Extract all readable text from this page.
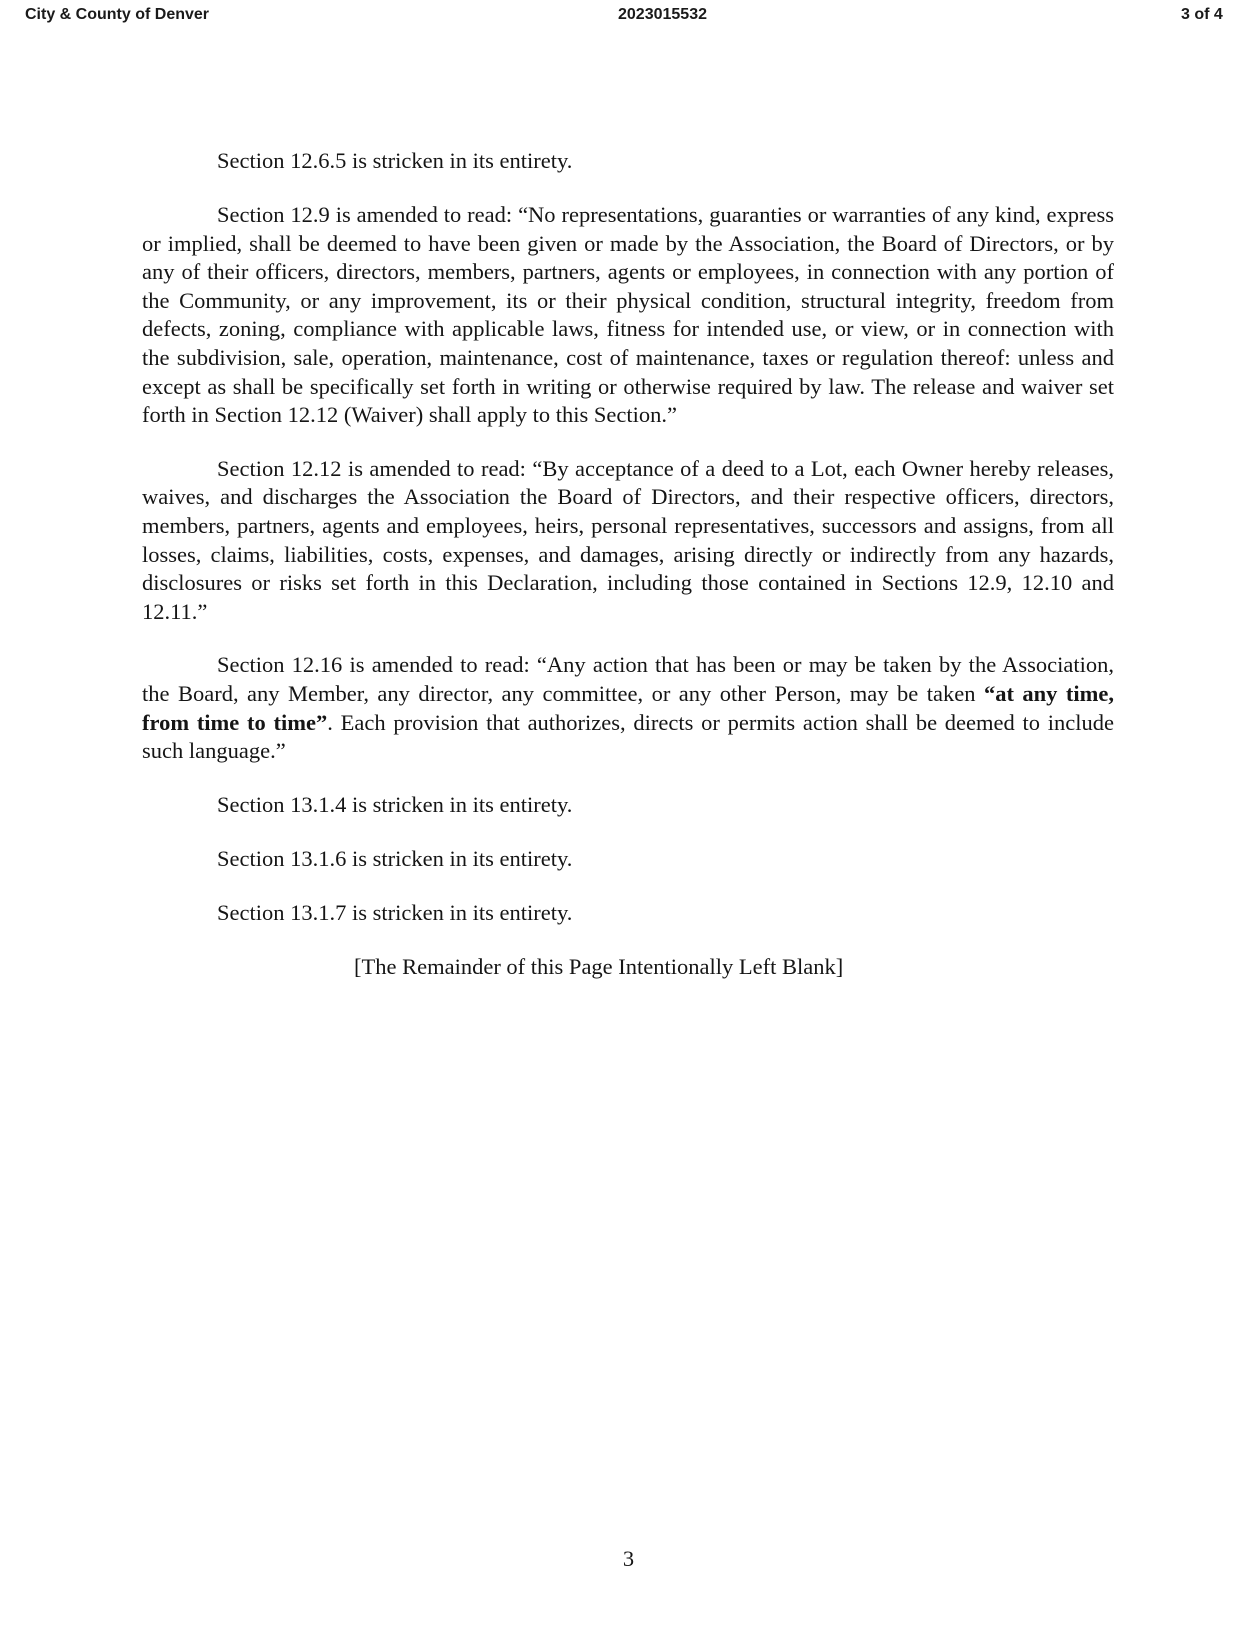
City & County of Denver	2023015532	3 of 4

Section 12.6.5 is stricken in its entirety.

Section 12.9 is amended to read: “No representations, guaranties or warranties of any kind, express or implied, shall be deemed to have been given or made by the Association, the Board of Directors, or by any of their officers, directors, members, partners, agents or employees, in connection with any portion of the Community, or any improvement, its or their physical condition, structural integrity, freedom from defects, zoning, compliance with applicable laws, fitness for intended use, or view, or in connection with the subdivision, sale, operation, maintenance, cost of maintenance, taxes or regulation thereof: unless and except as shall be specifically set forth in writing or otherwise required by law. The release and waiver set forth in Section 12.12 (Waiver) shall apply to this Section.”

Section 12.12 is amended to read: “By acceptance of a deed to a Lot, each Owner hereby releases, waives, and discharges the Association the Board of Directors, and their respective officers, directors, members, partners, agents and employees, heirs, personal representatives, successors and assigns, from all losses, claims, liabilities, costs, expenses, and damages, arising directly or indirectly from any hazards, disclosures or risks set forth in this Declaration, including those contained in Sections 12.9, 12.10 and 12.11.”

Section 12.16 is amended to read: “Any action that has been or may be taken by the Association, the Board, any Member, any director, any committee, or any other Person, may be taken “at any time, from time to time”. Each provision that authorizes, directs or permits action shall be deemed to include such language.”

Section 13.1.4 is stricken in its entirety.

Section 13.1.6 is stricken in its entirety.

Section 13.1.7 is stricken in its entirety.

[The Remainder of this Page Intentionally Left Blank]

3
